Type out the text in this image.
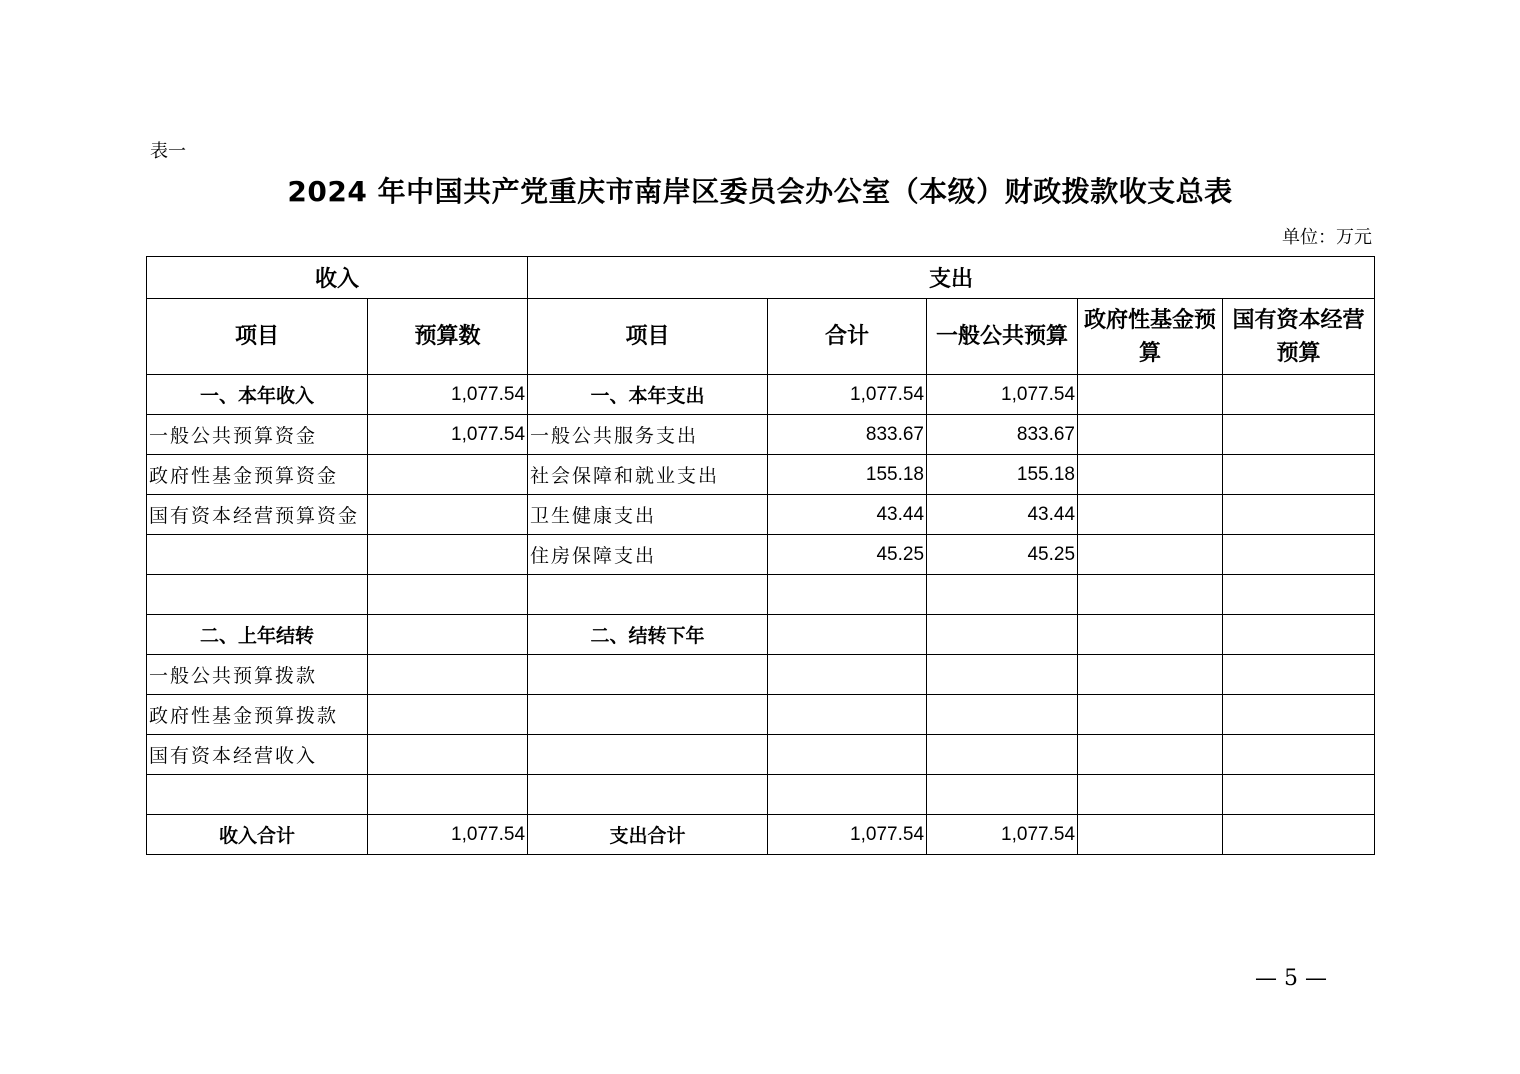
表一
2024 年中国共产党重庆市南岸区委员会办公室（本级）财政拨款收支总表
单位：万元
收入		支出				
项目	预算数	项目	合计	一般公共预算	政府性基金预算	国有资本经营预算
一、本年收入	1,077.54	一、本年支出	1,077.54	1,077.54		
一般公共预算资金	1,077.54	一般公共服务支出	833.67	833.67		
政府性基金预算资金		社会保障和就业支出	155.18	155.18		
国有资本经营预算资金		卫生健康支出	43.44	43.44		
		住房保障支出	45.25	45.25		

二、上年结转		二、结转下年				
一般公共预算拨款						
政府性基金预算拨款						
国有资本经营收入						

收入合计	1,077.54	支出合计	1,077.54	1,077.54		
— 5 —
